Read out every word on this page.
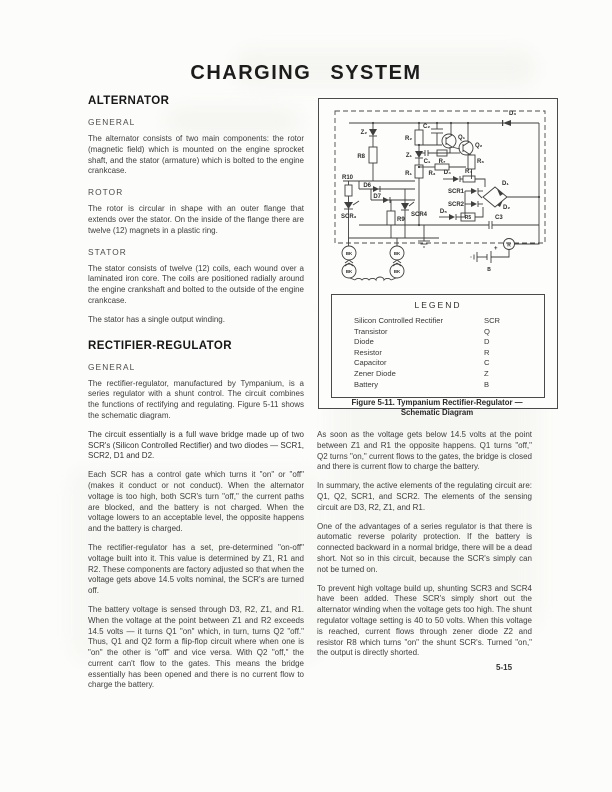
CHARGING SYSTEM
ALTERNATOR
GENERAL

The alternator consists of two main components: the rotor (magnetic field) which is mounted on the engine sprocket shaft, and the stator (armature) which is bolted to the engine crankcase.

ROTOR

The rotor is circular in shape with an outer flange that extends over the stator. On the inside of the flange there are twelve (12) magnets in a plastic ring.

STATOR

The stator consists of twelve (12) coils, each wound over a laminated iron core. The coils are positioned radially around the engine crankshaft and bolted to the outside of the engine crankcase.

The stator has a single output winding.

RECTIFIER-REGULATOR
GENERAL

The rectifier-regulator, manufactured by Tympanium, is a series regulator with a shunt control. The circuit combines the functions of rectifying and regulating. Figure 5-11 shows the schematic diagram.

The circuit essentially is a full wave bridge made up of two SCR's (Silicon Controlled Rectifier) and two diodes — SCR1, SCR2, D1 and D2.

Each SCR has a control gate which turns it "on" or "off" (makes it conduct or not conduct). When the alternator voltage is too high, both SCR's turn "off," the current paths are blocked, and the battery is not charged. When the voltage lowers to an acceptable level, the opposite happens and the battery is charged.

The rectifier-regulator has a set, pre-determined "on-off" voltage built into it. This value is determined by Z1, R1 and R2. These components are factory adjusted so that when the voltage gets above 14.5 volts nominal, the SCR's are turned off.

The battery voltage is sensed through D3, R2, Z1, and R1. When the voltage at the point between Z1 and R2 exceeds 14.5 volts — it turns Q1 "on" which, in turn, turns Q2 "off." Thus, Q1 and Q2 form a flip-flop circuit where when one is "on" the other is "off" and vice versa. With Q2 "off," the current can't flow to the gates. This means the bridge essentially has been opened and there is no current flow to charge the battery.

Z₂
R8
D₃
R₂
C₂
Q₁
Q₂
Z₁
C₁ R₇
R₁	R₃
R₆
R10
D6
D7
SCR₃	SCR4
R9
D₄ R₄
SCR1
SCR2
D₅
R5
D₁
D₂
C3
BK
BK
BK
BK
R
+
B
LEGEND
Silicon Controlled Rectifier	SCR
Transistor	Q
Diode	D
Resistor	R
Capacitor	C
Zener Diode	Z
Battery	B
Figure 5-11. Tympanium Rectifier-Regulator —
Schematic Diagram

As soon as the voltage gets below 14.5 volts at the point between Z1 and R1 the opposite happens. Q1 turns "off," Q2 turns "on," current flows to the gates, the bridge is closed and there is current flow to charge the battery.

In summary, the active elements of the regulating circuit are: Q1, Q2, SCR1, and SCR2. The elements of the sensing circuit are D3, R2, Z1, and R1.

One of the advantages of a series regulator is that there is automatic reverse polarity protection. If the battery is connected backward in a normal bridge, there will be a dead short. Not so in this circuit, because the SCR's simply can not be turned on.

To prevent high voltage build up, shunting SCR3 and SCR4 have been added. These SCR's simply short out the alternator winding when the voltage gets too high. The shunt regulator voltage setting is 40 to 50 volts. When this voltage is reached, current flows through zener diode Z2 and resistor R8 which turns "on" the shunt SCR's. Turned "on," the output is directly shorted.

5-15
